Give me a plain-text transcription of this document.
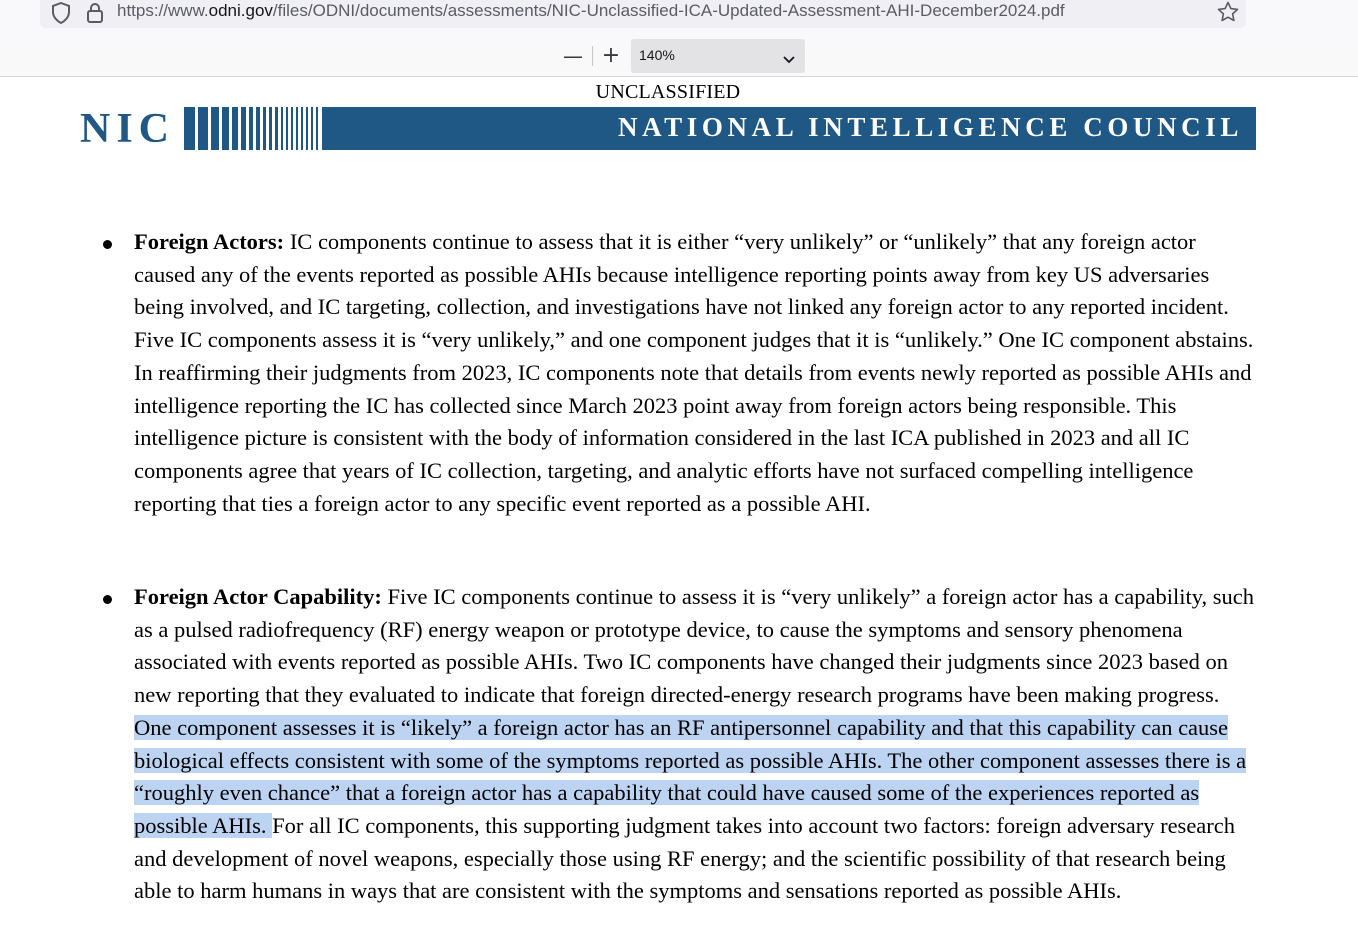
https://www.odni.gov/files/ODNI/documents/assessments/NIC-Unclassified-ICA-Updated-Assessment-AHI-December2024.pdf
— + 140%
UNCLASSIFIED
NIC	NATIONAL INTELLIGENCE COUNCIL
Foreign Actors: IC components continue to assess that it is either “very unlikely” or “unlikely” that any foreign actor caused any of the events reported as possible AHIs because intelligence reporting points away from key US adversaries being involved, and IC targeting, collection, and investigations have not linked any foreign actor to any reported incident. Five IC components assess it is “very unlikely,” and one component judges that it is “unlikely.” One IC component abstains. In reaffirming their judgments from 2023, IC components note that details from events newly reported as possible AHIs and intelligence reporting the IC has collected since March 2023 point away from foreign actors being responsible. This intelligence picture is consistent with the body of information considered in the last ICA published in 2023 and all IC components agree that years of IC collection, targeting, and analytic efforts have not surfaced compelling intelligence reporting that ties a foreign actor to any specific event reported as a possible AHI.
Foreign Actor Capability: Five IC components continue to assess it is “very unlikely” a foreign actor has a capability, such as a pulsed radiofrequency (RF) energy weapon or prototype device, to cause the symptoms and sensory phenomena associated with events reported as possible AHIs. Two IC components have changed their judgments since 2023 based on new reporting that they evaluated to indicate that foreign directed-energy research programs have been making progress. One component assesses it is “likely” a foreign actor has an RF antipersonnel capability and that this capability can cause biological effects consistent with some of the symptoms reported as possible AHIs. The other component assesses there is a “roughly even chance” that a foreign actor has a capability that could have caused some of the experiences reported as possible AHIs. For all IC components, this supporting judgment takes into account two factors: foreign adversary research and development of novel weapons, especially those using RF energy; and the scientific possibility of that research being able to harm humans in ways that are consistent with the symptoms and sensations reported as possible AHIs.
